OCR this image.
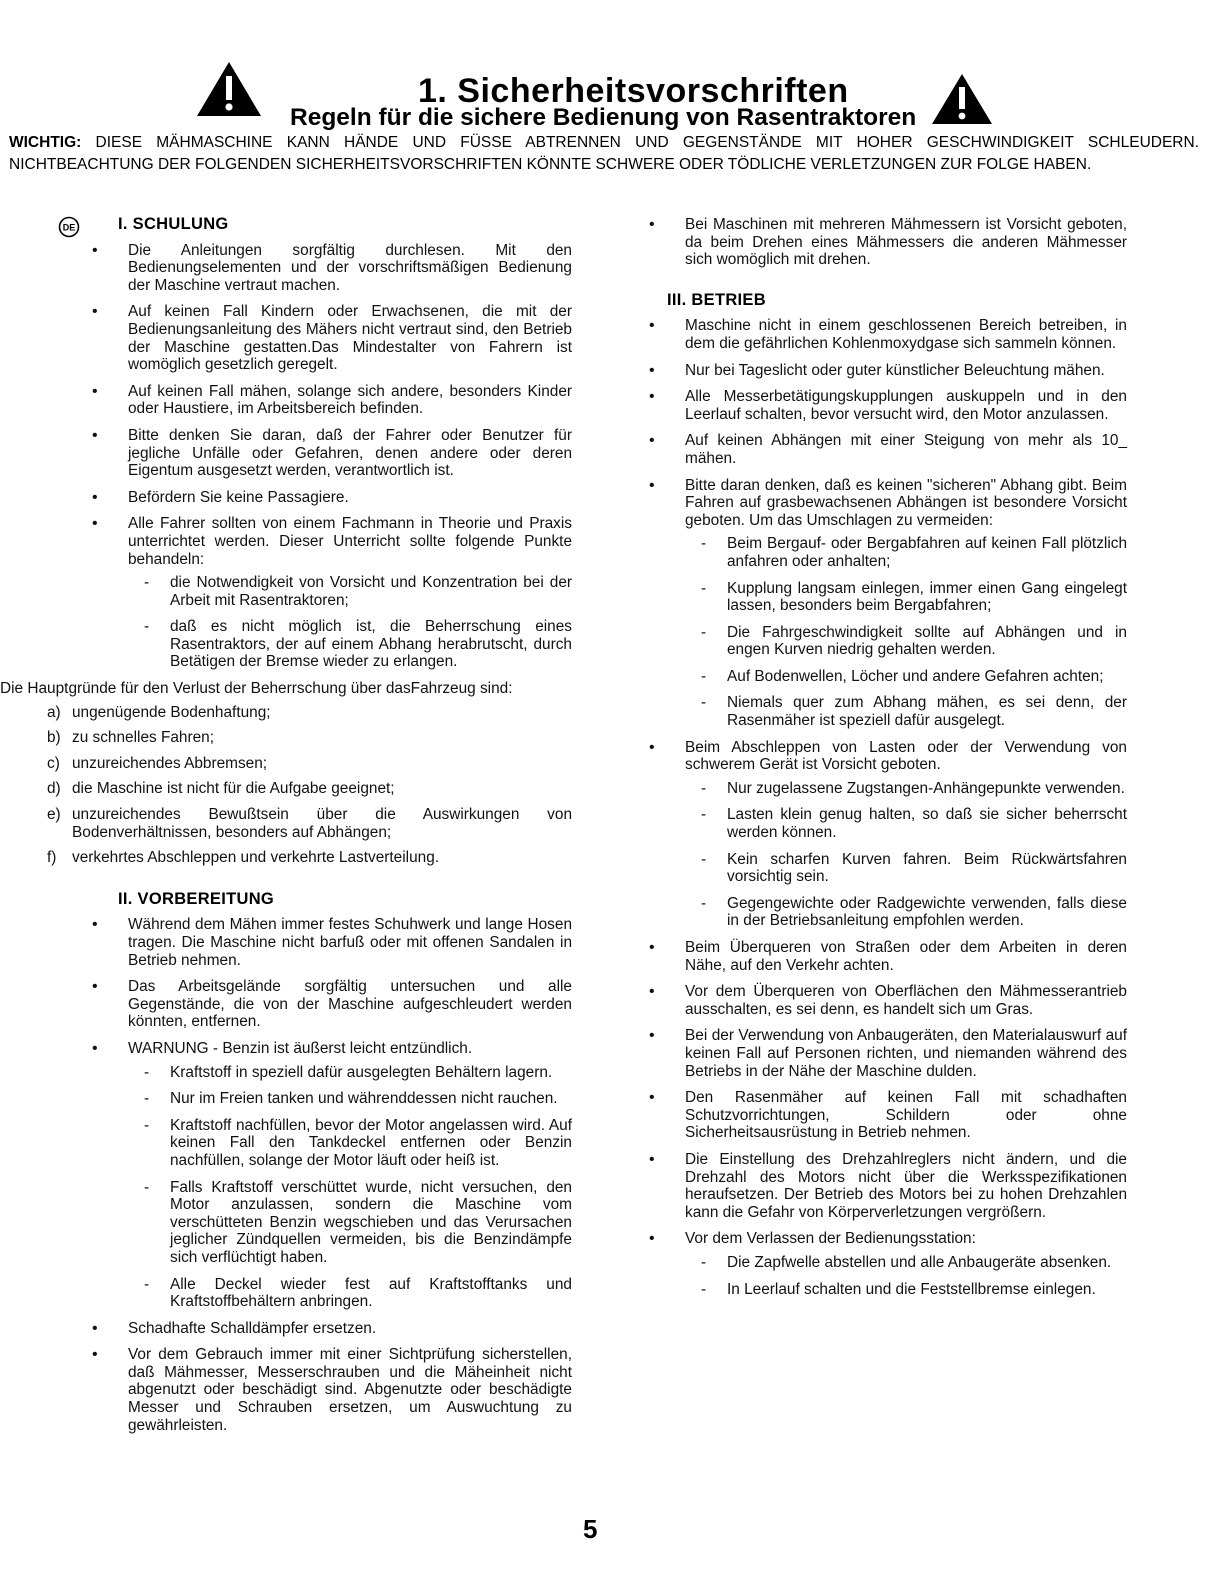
1. Sicherheitsvorschriften
Regeln für die sichere Bedienung von Rasentraktoren
WICHTIG: DIESE MÄHMASCHINE KANN HÄNDE UND FÜSSE ABTRENNEN UND GEGENSTÄNDE MIT HOHER GESCHWINDIGKEIT SCHLEUDERN. NICHTBEACHTUNG DER FOLGENDEN SICHERHEITSVORSCHRIFTEN KÖNNTE SCHWERE ODER TÖDLICHE VERLETZUNGEN ZUR FOLGE HABEN.
DE	I. SCHULUNG
• Die Anleitungen sorgfältig durchlesen. Mit den Bedienungselementen und der vorschriftsmäßigen Bedienung der Maschine vertraut machen.
• Auf keinen Fall Kindern oder Erwachsenen, die mit der Bedienungsanleitung des Mähers nicht vertraut sind, den Betrieb der Maschine gestatten.Das Mindestalter von Fahrern ist womöglich gesetzlich geregelt.
• Auf keinen Fall mähen, solange sich andere, besonders Kinder oder Haustiere, im Arbeitsbereich befinden.
• Bitte denken Sie daran, daß der Fahrer oder Benutzer für jegliche Unfälle oder Gefahren, denen andere oder deren Eigentum ausgesetzt werden, verantwortlich ist.
• Befördern Sie keine Passagiere.
• Alle Fahrer sollten von einem Fachmann in Theorie und Praxis unterrichtet werden. Dieser Unterricht sollte folgende Punkte behandeln:
- die Notwendigkeit von Vorsicht und Konzentration bei der Arbeit mit Rasentraktoren;
- daß es nicht möglich ist, die Beherrschung eines Rasentraktors, der auf einem Abhang herabrutscht, durch Betätigen der Bremse wieder zu erlangen.

Die Hauptgründe für den Verlust der Beherrschung über dasFahrzeug sind:

a) ungenügende Bodenhaftung;
b) zu schnelles Fahren;
c) unzureichendes Abbremsen;
d) die Maschine ist nicht für die Aufgabe geeignet;
e) unzureichendes Bewußtsein über die Auswirkungen von Bodenverhältnissen, besonders auf Abhängen;
f) verkehrtes Abschleppen und verkehrte Lastverteilung.
II. VORBEREITUNG
• Während dem Mähen immer festes Schuhwerk und lange Hosen tragen. Die Maschine nicht barfuß oder mit offenen Sandalen in Betrieb nehmen.
• Das Arbeitsgelände sorgfältig untersuchen und alle Gegenstände, die von der Maschine aufgeschleudert werden könnten, entfernen.
• WARNUNG - Benzin ist äußerst leicht entzündlich.
- Kraftstoff in speziell dafür ausgelegten Behältern lagern.
- Nur im Freien tanken und währenddessen nicht rauchen.
- Kraftstoff nachfüllen, bevor der Motor angelassen wird. Auf keinen Fall den Tankdeckel entfernen oder Benzin nachfüllen, solange der Motor läuft oder heiß ist.
- Falls Kraftstoff verschüttet wurde, nicht versuchen, den Motor anzulassen, sondern die Maschine vom verschütteten Benzin wegschieben und das Verursachen jeglicher Zündquellen vermeiden, bis die Benzindämpfe sich verflüchtigt haben.
- Alle Deckel wieder fest auf Kraftstofftanks und Kraftstoffbehältern anbringen.
• Schadhafte Schalldämpfer ersetzen.
• Vor dem Gebrauch immer mit einer Sichtprüfung sicherstellen, daß Mähmesser, Messerschrauben und die Mäheinheit nicht abgenutzt oder beschädigt sind. Abgenutzte oder beschädigte Messer und Schrauben ersetzen, um Auswuchtung zu gewährleisten.
• Bei Maschinen mit mehreren Mähmessern ist Vorsicht geboten, da beim Drehen eines Mähmessers die anderen Mähmesser sich womöglich mit drehen.
III. BETRIEB
• Maschine nicht in einem geschlossenen Bereich betreiben, in dem die gefährlichen Kohlenmoxydgase sich sammeln können.
• Nur bei Tageslicht oder guter künstlicher Beleuchtung mähen.
• Alle Messerbetätigungskupplungen auskuppeln und in den Leerlauf schalten, bevor versucht wird, den Motor anzulassen.
• Auf keinen Abhängen mit einer Steigung von mehr als 10_ mähen.
• Bitte daran denken, daß es keinen "sicheren" Abhang gibt. Beim Fahren auf grasbewachsenen Abhängen ist besondere Vorsicht geboten. Um das Umschlagen zu vermeiden:
- Beim Bergauf- oder Bergabfahren auf keinen Fall plötzlich anfahren oder anhalten;
- Kupplung langsam einlegen, immer einen Gang eingelegt lassen, besonders beim Bergabfahren;
- Die Fahrgeschwindigkeit sollte auf Abhängen und in engen Kurven niedrig gehalten werden.
- Auf Bodenwellen, Löcher und andere Gefahren achten;
- Niemals quer zum Abhang mähen, es sei denn, der Rasenmäher ist speziell dafür ausgelegt.
• Beim Abschleppen von Lasten oder der Verwendung von schwerem Gerät ist Vorsicht geboten.
- Nur zugelassene Zugstangen-Anhängepunkte verwenden.
- Lasten klein genug halten, so daß sie sicher beherrscht werden können.
- Kein scharfen Kurven fahren. Beim Rückwärtsfahren vorsichtig sein.
- Gegengewichte oder Radgewichte verwenden, falls diese in der Betriebsanleitung empfohlen werden.
• Beim Überqueren von Straßen oder dem Arbeiten in deren Nähe, auf den Verkehr achten.
• Vor dem Überqueren von Oberflächen den Mähmesserantrieb ausschalten, es sei denn, es handelt sich um Gras.
• Bei der Verwendung von Anbaugeräten, den Materialauswurf auf keinen Fall auf Personen richten, und niemanden während des Betriebs in der Nähe der Maschine dulden.
• Den Rasenmäher auf keinen Fall mit schadhaften Schutzvorrichtungen, Schildern oder ohne Sicherheitsausrüstung in Betrieb nehmen.
• Die Einstellung des Drehzahlreglers nicht ändern, und die Drehzahl des Motors nicht über die Werksspezifikationen heraufsetzen. Der Betrieb des Motors bei zu hohen Drehzahlen kann die Gefahr von Körperverletzungen vergrößern.
• Vor dem Verlassen der Bedienungsstation:
- Die Zapfwelle abstellen und alle Anbaugeräte absenken.
- In Leerlauf schalten und die Feststellbremse einlegen.
5
